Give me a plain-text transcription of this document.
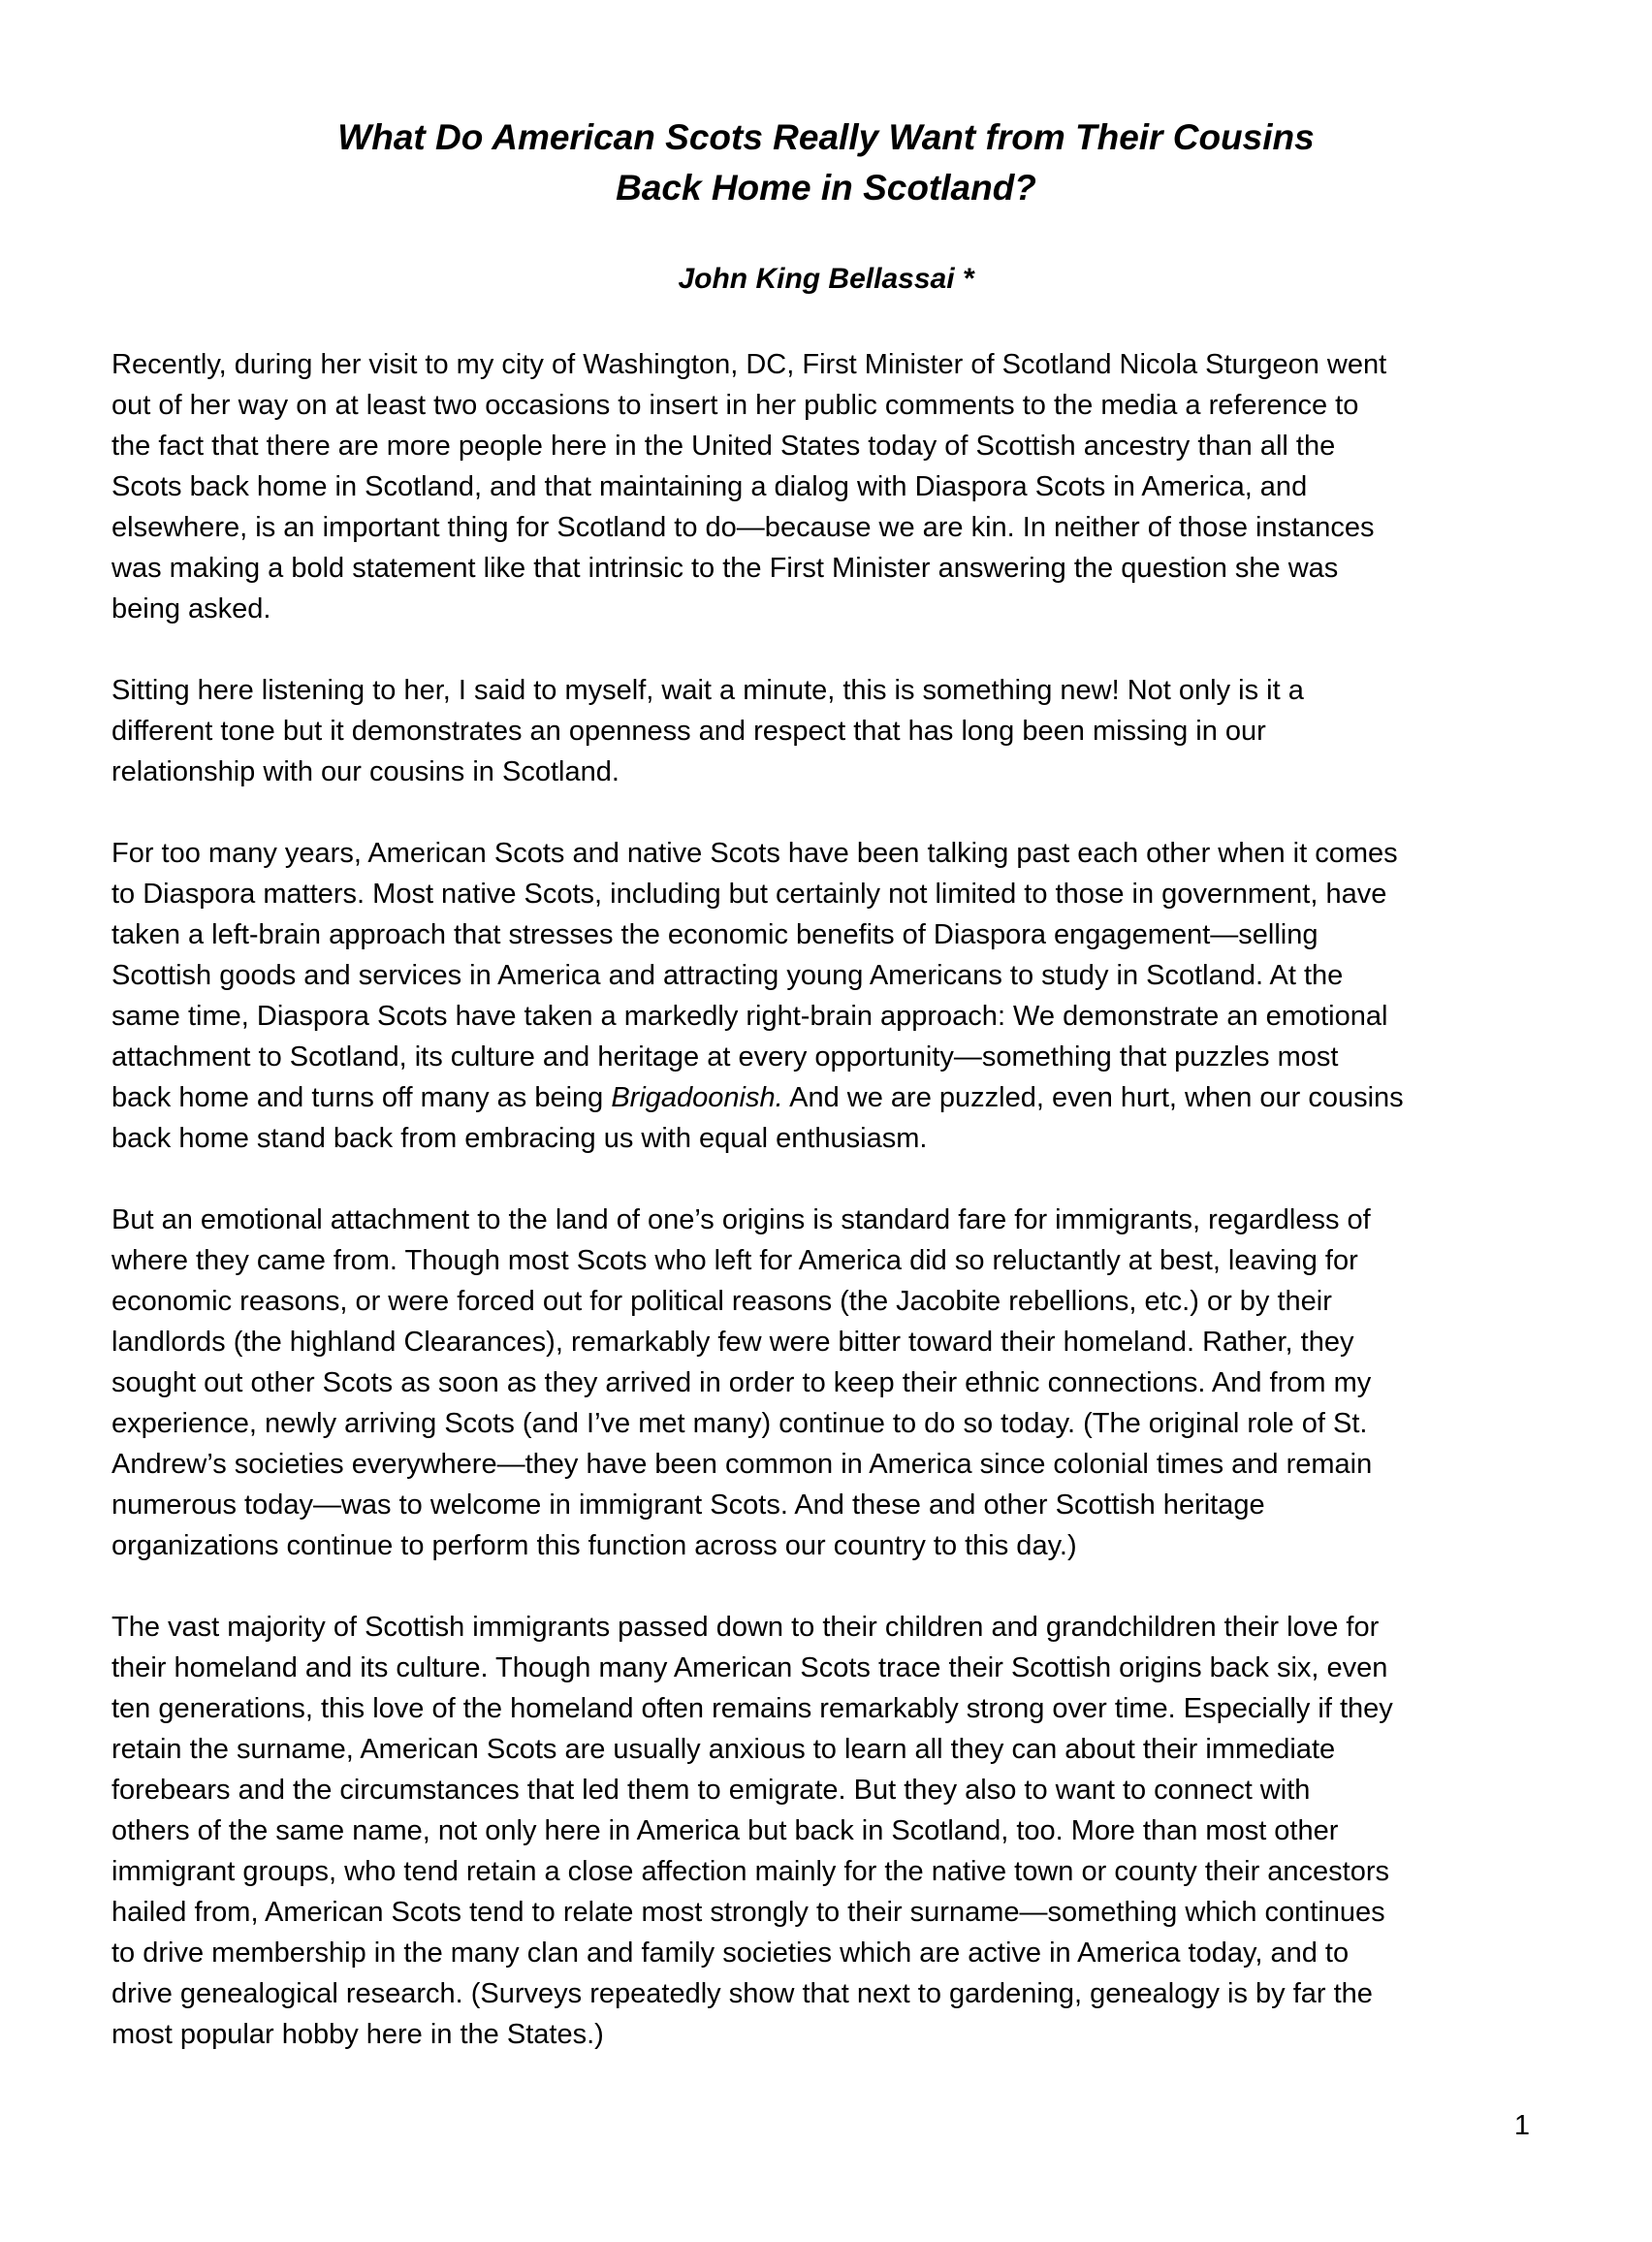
What Do American Scots Really Want from Their Cousins
Back Home in Scotland?
John King Bellassai *

Recently, during her visit to my city of Washington, DC, First Minister of Scotland Nicola Sturgeon went
out of her way on at least two occasions to insert in her public comments to the media a reference to
the fact that there are more people here in the United States today of Scottish ancestry than all the
Scots back home in Scotland, and that maintaining a dialog with Diaspora Scots in America, and
elsewhere, is an important thing for Scotland to do—because we are kin. In neither of those instances
was making a bold statement like that intrinsic to the First Minister answering the question she was
being asked.

Sitting here listening to her, I said to myself, wait a minute, this is something new! Not only is it a
different tone but it demonstrates an openness and respect that has long been missing in our
relationship with our cousins in Scotland.

For too many years, American Scots and native Scots have been talking past each other when it comes
to Diaspora matters. Most native Scots, including but certainly not limited to those in government, have
taken a left-brain approach that stresses the economic benefits of Diaspora engagement—selling
Scottish goods and services in America and attracting young Americans to study in Scotland. At the
same time, Diaspora Scots have taken a markedly right-brain approach: We demonstrate an emotional
attachment to Scotland, its culture and heritage at every opportunity—something that puzzles most
back home and turns off many as being Brigadoonish. And we are puzzled, even hurt, when our cousins
back home stand back from embracing us with equal enthusiasm.

But an emotional attachment to the land of one’s origins is standard fare for immigrants, regardless of
where they came from. Though most Scots who left for America did so reluctantly at best, leaving for
economic reasons, or were forced out for political reasons (the Jacobite rebellions, etc.) or by their
landlords (the highland Clearances), remarkably few were bitter toward their homeland. Rather, they
sought out other Scots as soon as they arrived in order to keep their ethnic connections. And from my
experience, newly arriving Scots (and I’ve met many) continue to do so today. (The original role of St.
Andrew’s societies everywhere—they have been common in America since colonial times and remain
numerous today—was to welcome in immigrant Scots. And these and other Scottish heritage
organizations continue to perform this function across our country to this day.)

The vast majority of Scottish immigrants passed down to their children and grandchildren their love for
their homeland and its culture. Though many American Scots trace their Scottish origins back six, even
ten generations, this love of the homeland often remains remarkably strong over time. Especially if they
retain the surname, American Scots are usually anxious to learn all they can about their immediate
forebears and the circumstances that led them to emigrate. But they also to want to connect with
others of the same name, not only here in America but back in Scotland, too. More than most other
immigrant groups, who tend retain a close affection mainly for the native town or county their ancestors
hailed from, American Scots tend to relate most strongly to their surname—something which continues
to drive membership in the many clan and family societies which are active in America today, and to
drive genealogical research. (Surveys repeatedly show that next to gardening, genealogy is by far the
most popular hobby here in the States.)

1
